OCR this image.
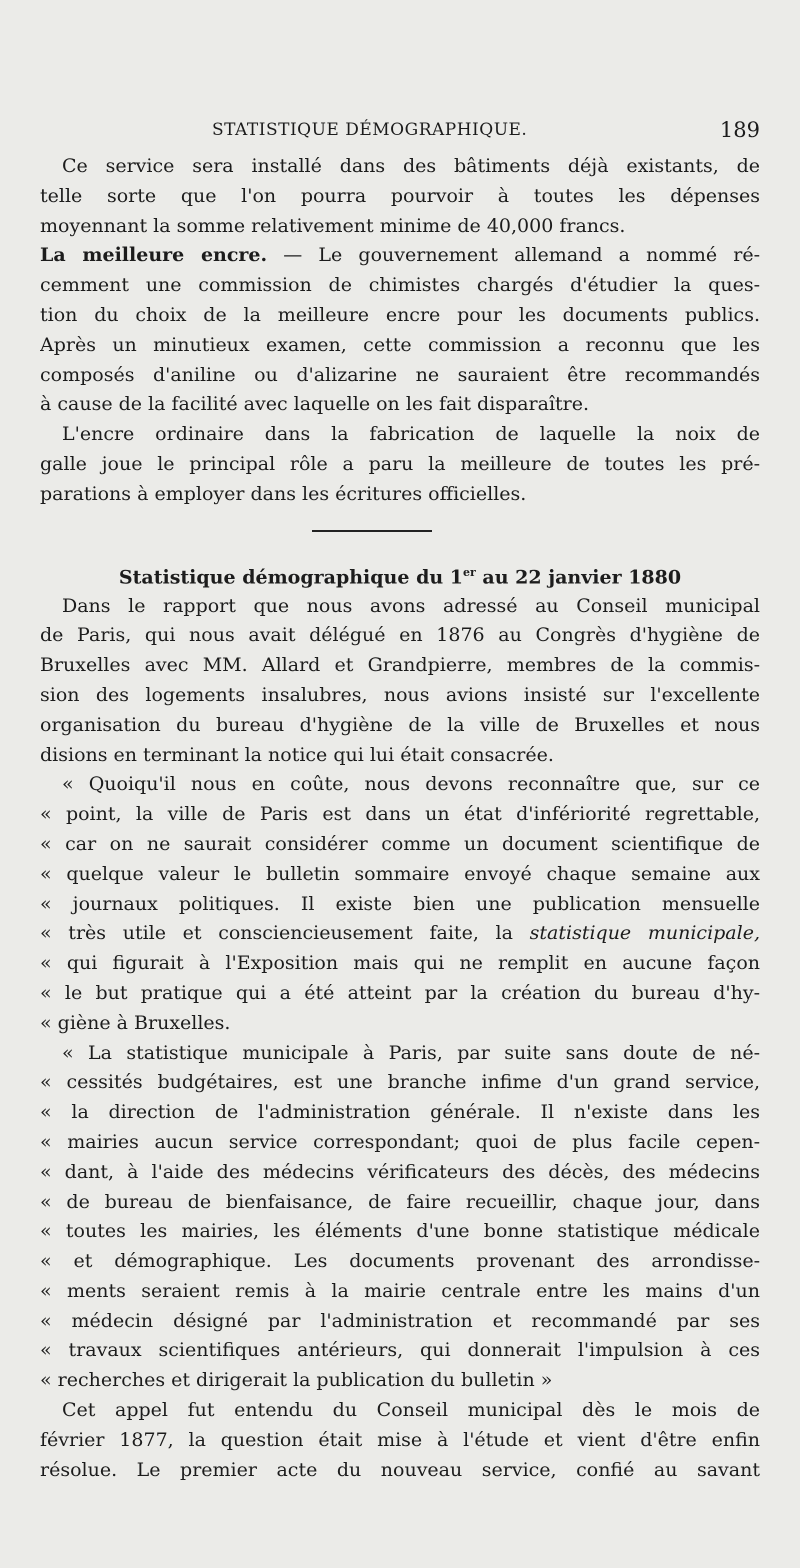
STATISTIQUE DÉMOGRAPHIQUE.	189
Ce service sera installé dans des bâtiments déjà existants, de
telle sorte que l'on pourra pourvoir à toutes les dépenses
moyennant la somme relativement minime de 40,000 francs.
La meilleure encre. — Le gouvernement allemand a nommé ré-
cemment une commission de chimistes chargés d'étudier la ques-
tion du choix de la meilleure encre pour les documents publics.
Après un minutieux examen, cette commission a reconnu que les
composés d'aniline ou d'alizarine ne sauraient être recommandés
à cause de la facilité avec laquelle on les fait disparaître.
L'encre ordinaire dans la fabrication de laquelle la noix de
galle joue le principal rôle a paru la meilleure de toutes les pré-
parations à employer dans les écritures officielles.
Statistique démographique du 1er au 22 janvier 1880
Dans le rapport que nous avons adressé au Conseil municipal
de Paris, qui nous avait délégué en 1876 au Congrès d'hygiène de
Bruxelles avec MM. Allard et Grandpierre, membres de la commis-
sion des logements insalubres, nous avions insisté sur l'excellente
organisation du bureau d'hygiène de la ville de Bruxelles et nous
disions en terminant la notice qui lui était consacrée.
« Quoiqu'il nous en coûte, nous devons reconnaître que, sur ce
« point, la ville de Paris est dans un état d'infériorité regrettable,
« car on ne saurait considérer comme un document scientifique de
« quelque valeur le bulletin sommaire envoyé chaque semaine aux
« journaux politiques. Il existe bien une publication mensuelle
« très utile et consciencieusement faite, la statistique municipale,
« qui figurait à l'Exposition mais qui ne remplit en aucune façon
« le but pratique qui a été atteint par la création du bureau d'hy-
« giène à Bruxelles.
« La statistique municipale à Paris, par suite sans doute de né-
« cessités budgétaires, est une branche infime d'un grand service,
« la direction de l'administration générale. Il n'existe dans les
« mairies aucun service correspondant; quoi de plus facile cepen-
« dant, à l'aide des médecins vérificateurs des décès, des médecins
« de bureau de bienfaisance, de faire recueillir, chaque jour, dans
« toutes les mairies, les éléments d'une bonne statistique médicale
« et démographique. Les documents provenant des arrondisse-
« ments seraient remis à la mairie centrale entre les mains d'un
« médecin désigné par l'administration et recommandé par ses
« travaux scientifiques antérieurs, qui donnerait l'impulsion à ces
« recherches et dirigerait la publication du bulletin »
Cet appel fut entendu du Conseil municipal dès le mois de
février 1877, la question était mise à l'étude et vient d'être enfin
résolue. Le premier acte du nouveau service, confié au savant
